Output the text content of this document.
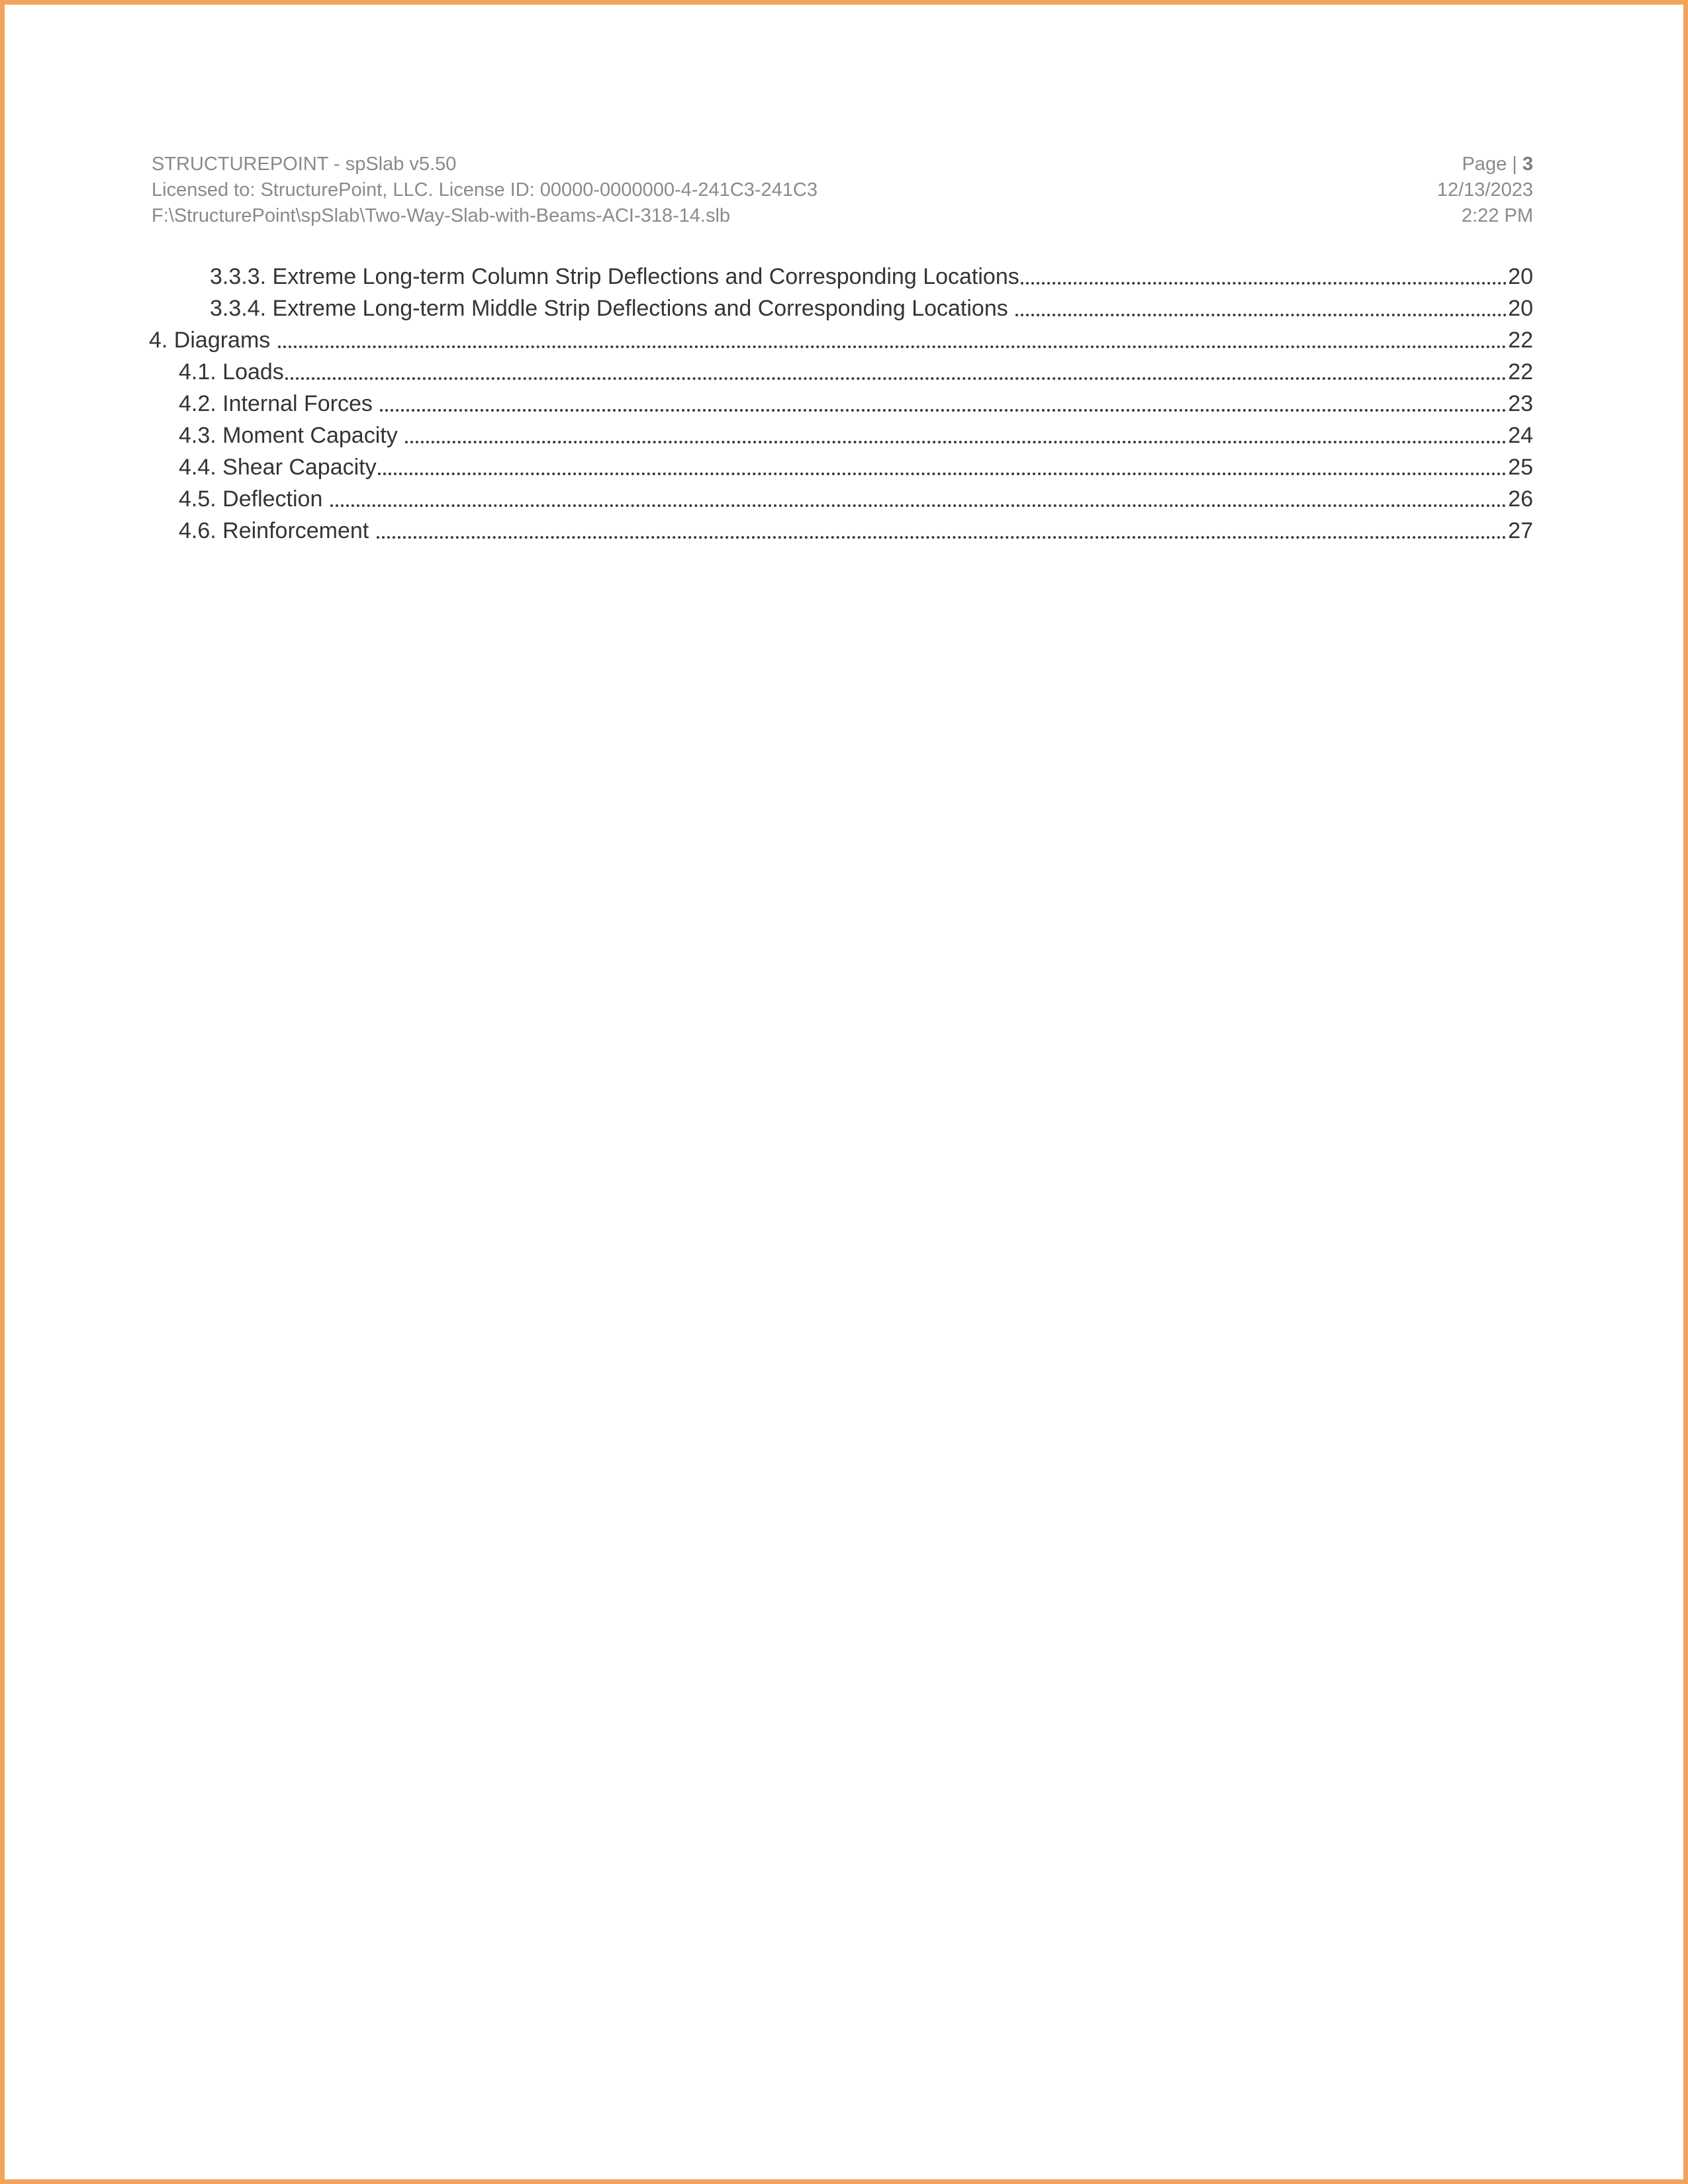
STRUCTUREPOINT - spSlab v5.50
Licensed to: StructurePoint, LLC. License ID: 00000-0000000-4-241C3-241C3
F:\StructurePoint\spSlab\Two-Way-Slab-with-Beams-ACI-318-14.slb
Page | 3
12/13/2023
2:22 PM
3.3.3. Extreme Long-term Column Strip Deflections and Corresponding Locations	20
3.3.4. Extreme Long-term Middle Strip Deflections and Corresponding Locations	20
4. Diagrams	22
4.1. Loads	22
4.2. Internal Forces	23
4.3. Moment Capacity	24
4.4. Shear Capacity	25
4.5. Deflection	26
4.6. Reinforcement	27
